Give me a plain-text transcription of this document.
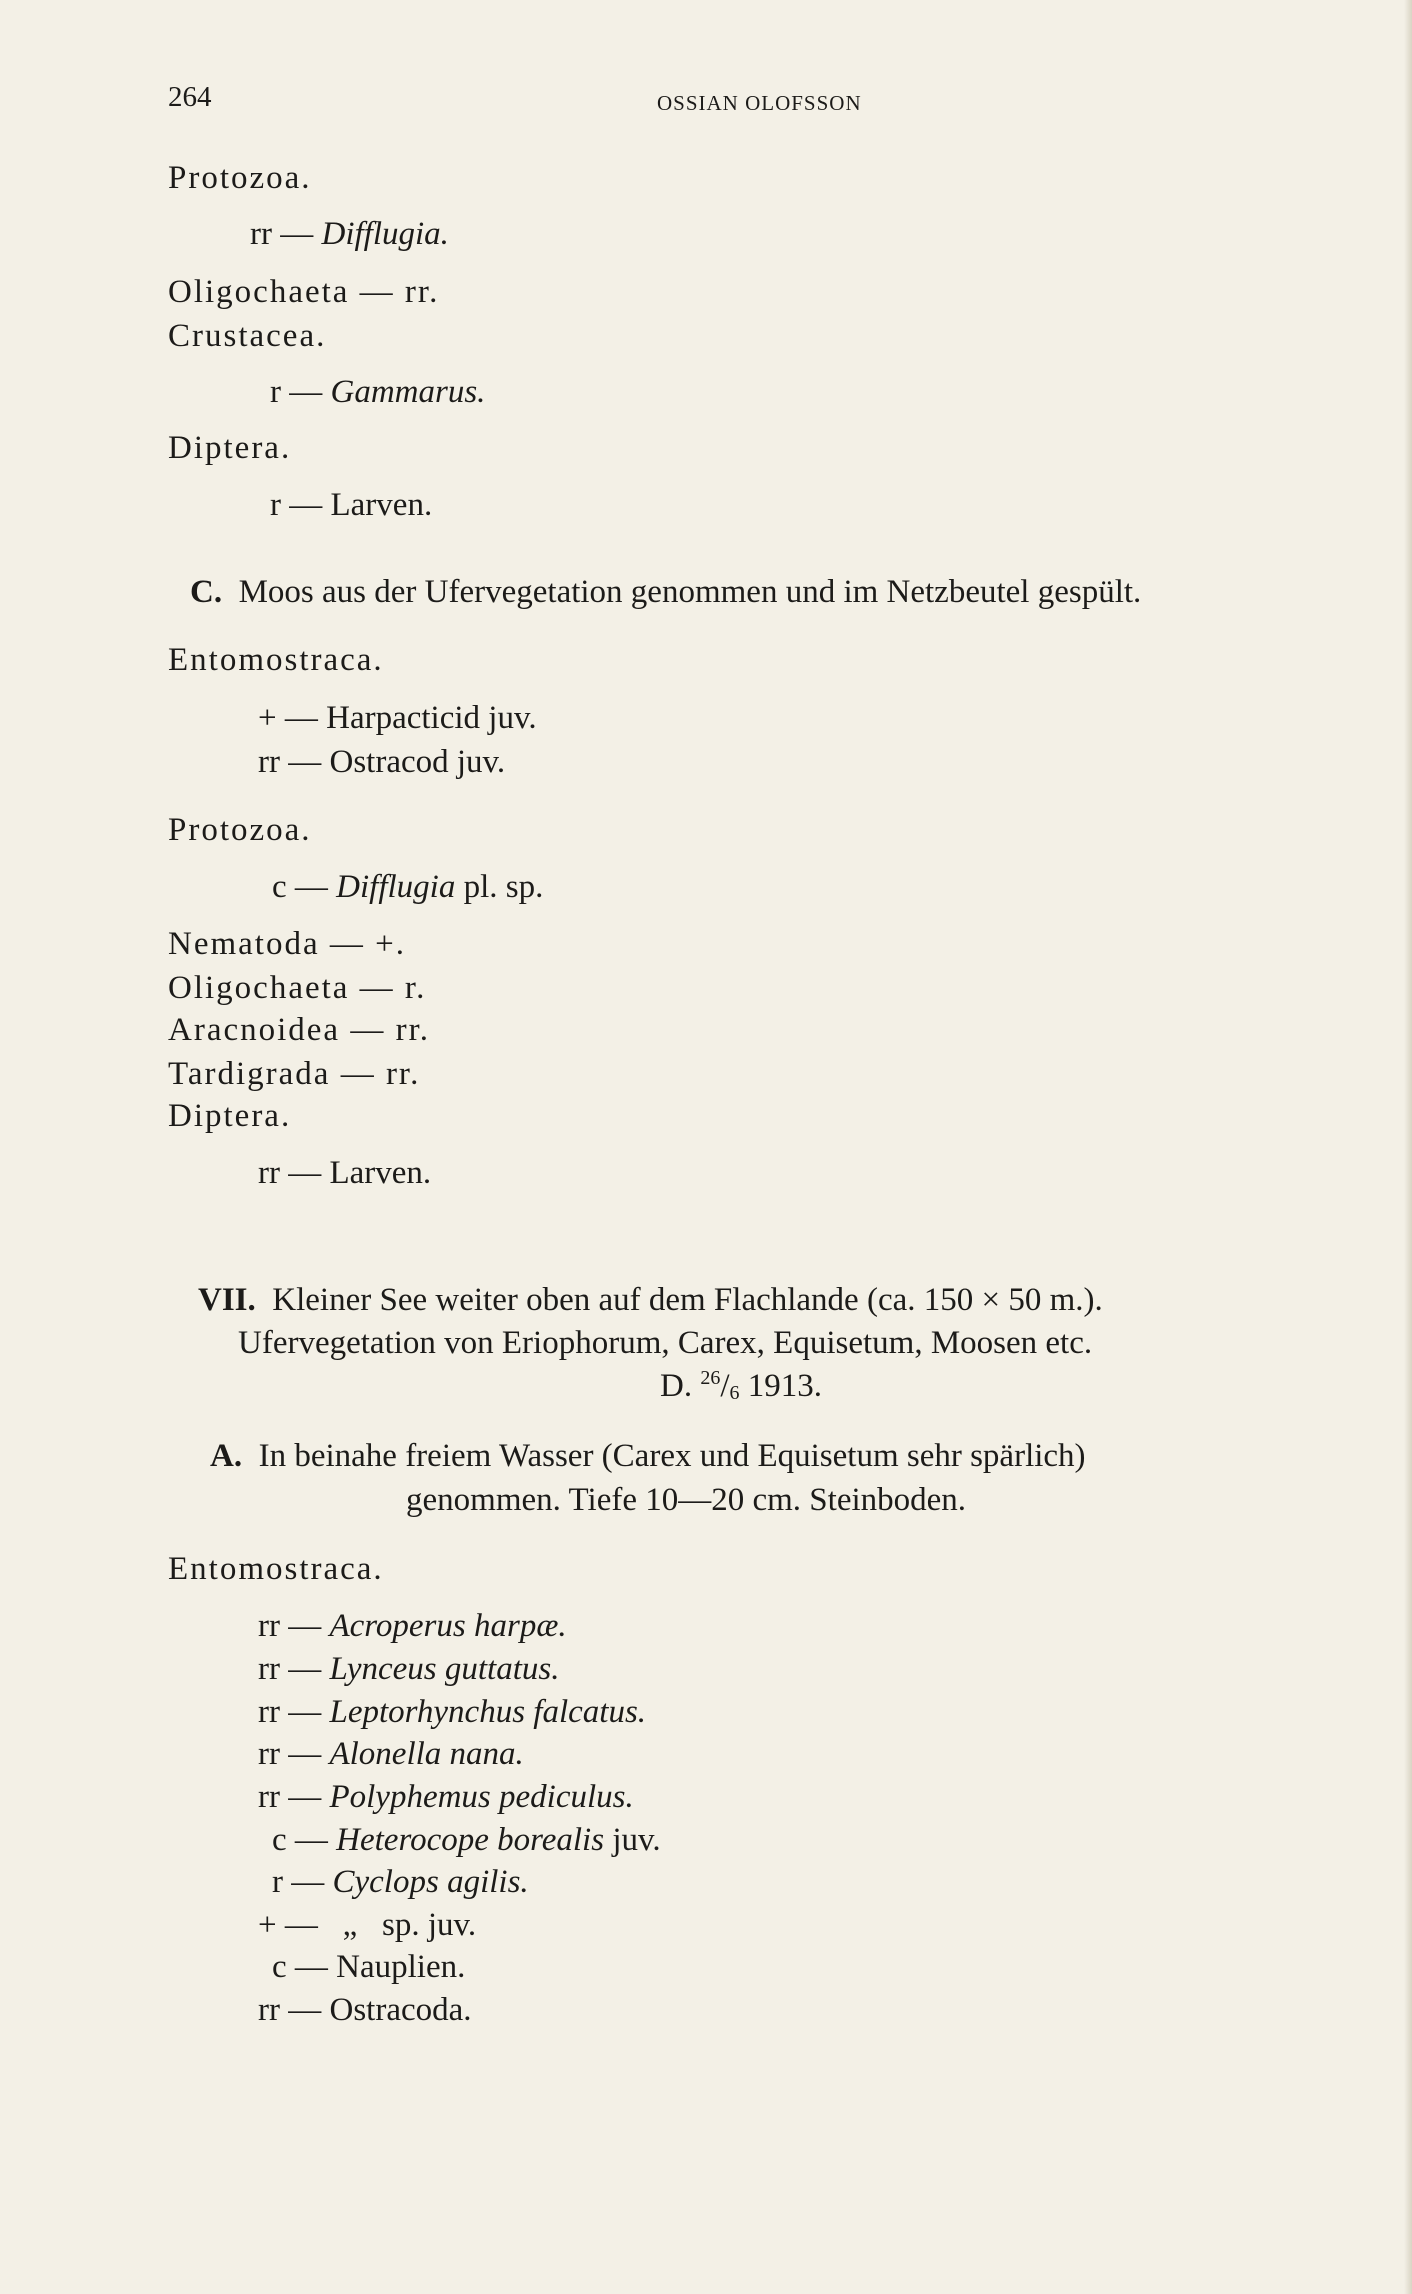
264	OSSIAN OLOFSSON
Protozoa.
rr — Difflugia.
Oligochaeta — rr.
Crustacea.
r — Gammarus.
Diptera.
r — Larven.
C. Moos aus der Ufervegetation genommen und im Netzbeutel gespült.
Entomostraca.
+ — Harpacticid juv.
rr — Ostracod juv.
Protozoa.
c — Difflugia pl. sp.
Nematoda — +.
Oligochaeta — r.
Aracnoidea — rr.
Tardigrada — rr.
Diptera.
rr — Larven.
VII. Kleiner See weiter oben auf dem Flachlande (ca. 150 × 50 m.).
Ufervegetation von Eriophorum, Carex, Equisetum, Moosen etc.
D. $^{26}/_6$ 1913.
A. In beinahe freiem Wasser (Carex und Equisetum sehr spärlich)
genommen. Tiefe 10—20 cm. Steinboden.
Entomostraca.
rr — Acroperus harpæ.
rr — Lynceus guttatus.
rr — Leptorhynchus falcatus.
rr — Alonella nana.
rr — Polyphemus pediculus.
c — Heterocope borealis juv.
r — Cyclops agilis.
+ —   „ sp. juv.
c — Nauplien.
rr — Ostracoda.
